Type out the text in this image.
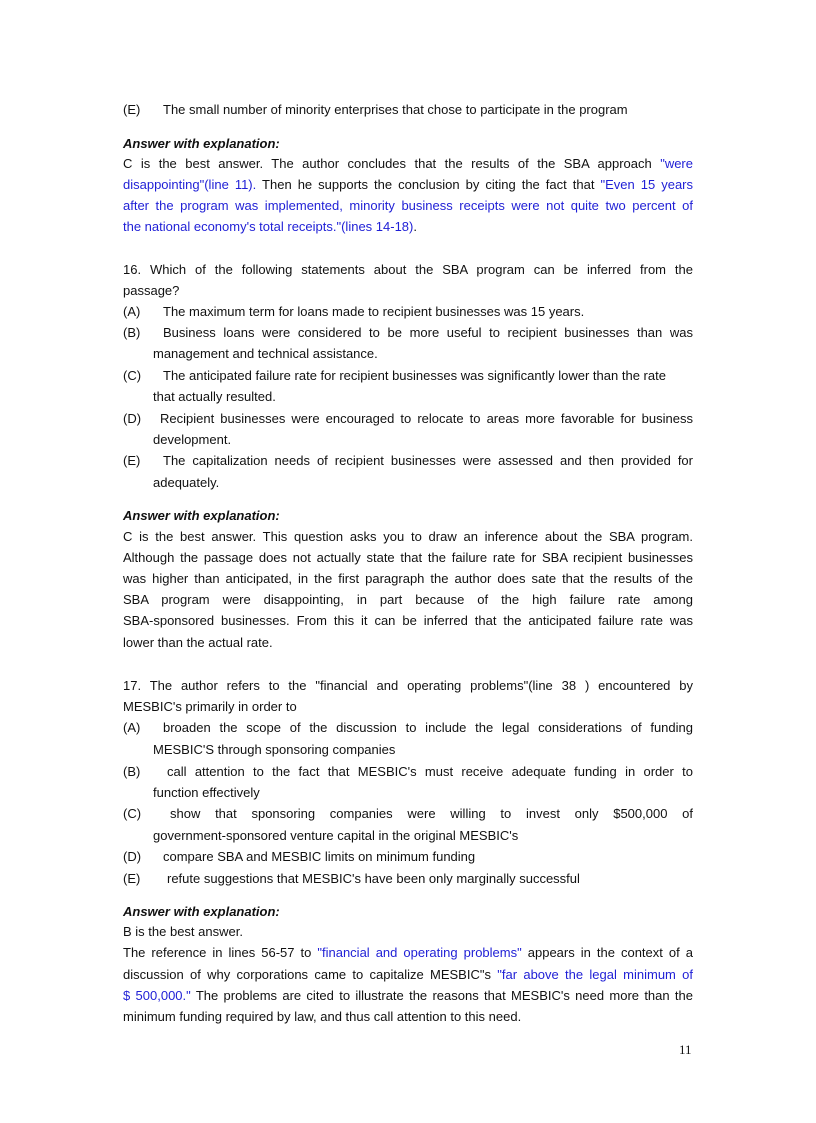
(E) The small number of minority enterprises that chose to participate in the program
Answer with explanation:
C is the best answer. The author concludes that the results of the SBA approach "were
disappointing"(line 11). Then he supports the conclusion by citing the fact that "Even 15 years
after the program was implemented, minority business receipts were not quite two percent of
the national economy's total receipts."(lines 14-18).
16. Which of the following statements about the SBA program can be inferred from the
passage?
(A) The maximum term for loans made to recipient businesses was 15 years.
(B) Business loans were considered to be more useful to recipient businesses than was
management and technical assistance.
(C) The anticipated failure rate for recipient businesses was significantly lower than the rate
that actually resulted.
(D) Recipient businesses were encouraged to relocate to areas more favorable for business
development.
(E) The capitalization needs of recipient businesses were assessed and then provided for
adequately.
Answer with explanation:
C is the best answer. This question asks you to draw an inference about the SBA program.
Although the passage does not actually state that the failure rate for SBA recipient businesses
was higher than anticipated, in the first paragraph the author does sate that the results of the
SBA program were disappointing, in part because of the high failure rate among
SBA-sponsored businesses. From this it can be inferred that the anticipated failure rate was
lower than the actual rate.
17. The author refers to the "financial and operating problems"(line 38 ) encountered by
MESBIC's primarily in order to
(A) broaden the scope of the discussion to include the legal considerations of funding
MESBIC'S through sponsoring companies
(B) call attention to the fact that MESBIC's must receive adequate funding in order to
function effectively
(C) show that sponsoring companies were willing to invest only $500,000 of
government-sponsored venture capital in the original MESBIC's
(D) compare SBA and MESBIC limits on minimum funding
(E) refute suggestions that MESBIC's have been only marginally successful
Answer with explanation:
B is the best answer.
The reference in lines 56-57 to "financial and operating problems" appears in the context of a
discussion of why corporations came to capitalize MESBIC"s "far above the legal minimum of
$ 500,000." The problems are cited to illustrate the reasons that MESBIC's need more than the
minimum funding required by law, and thus call attention to this need.
11
